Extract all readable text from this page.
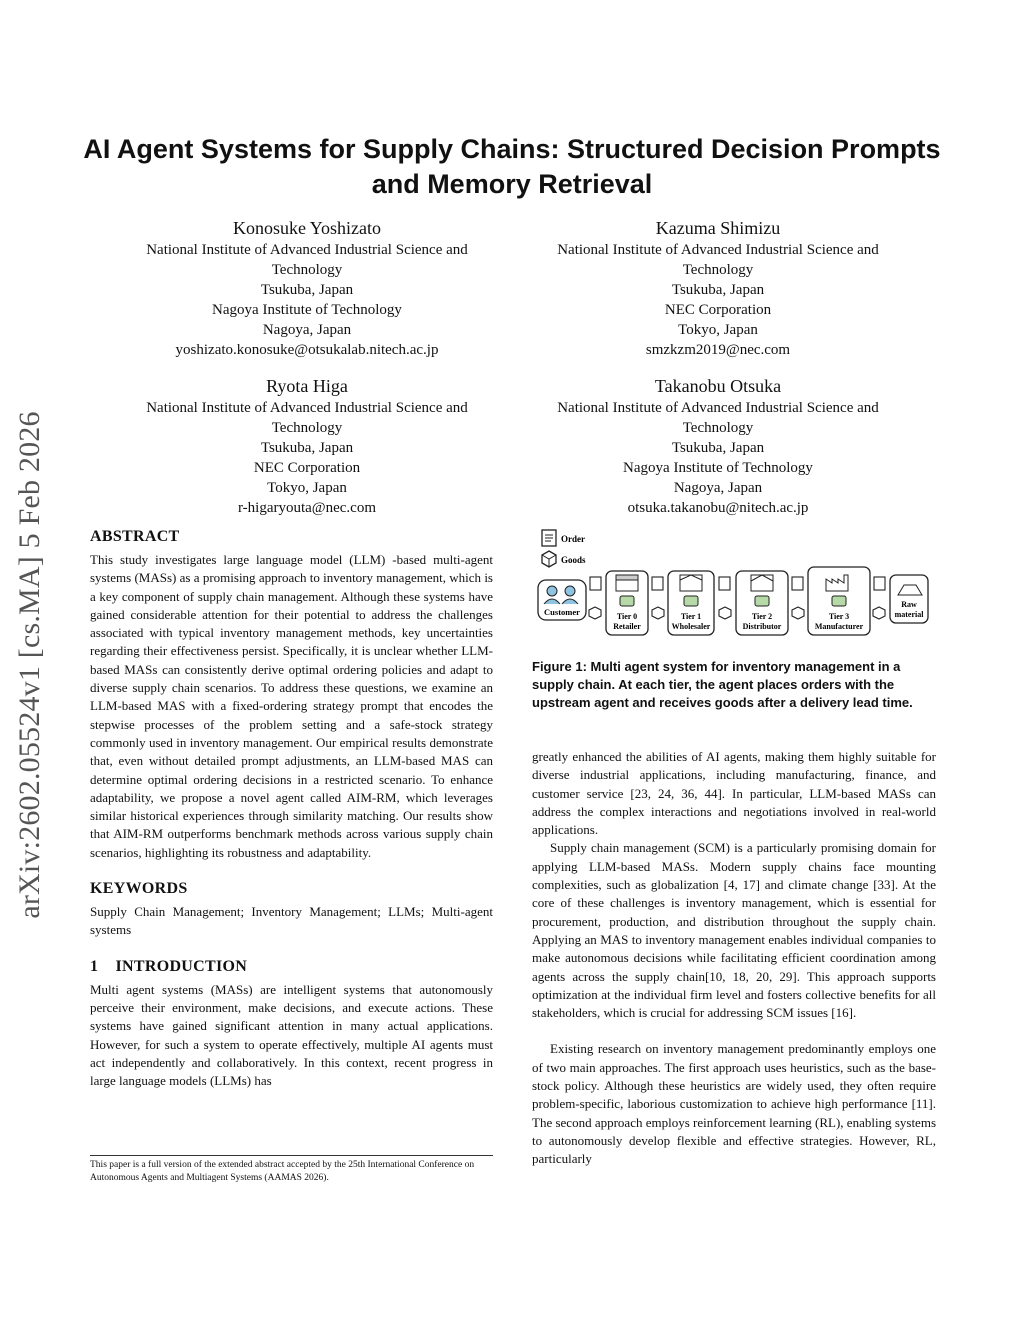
arXiv:2602.05524v1 [cs.MA] 5 Feb 2026
AI Agent Systems for Supply Chains: Structured Decision Prompts
and Memory Retrieval
Konosuke Yoshizato
National Institute of Advanced Industrial Science and
Technology
Tsukuba, Japan
Nagoya Institute of Technology
Nagoya, Japan
yoshizato.konosuke@otsukalab.nitech.ac.jp
Kazuma Shimizu
National Institute of Advanced Industrial Science and
Technology
Tsukuba, Japan
NEC Corporation
Tokyo, Japan
smzkzm2019@nec.com
Ryota Higa
National Institute of Advanced Industrial Science and
Technology
Tsukuba, Japan
NEC Corporation
Tokyo, Japan
r-higaryouta@nec.com
Takanobu Otsuka
National Institute of Advanced Industrial Science and
Technology
Tsukuba, Japan
Nagoya Institute of Technology
Nagoya, Japan
otsuka.takanobu@nitech.ac.jp
ABSTRACT

This study investigates large language model (LLM) -based multi-agent systems (MASs) as a promising approach to inventory management, which is a key component of supply chain management. Although these systems have gained considerable attention for their potential to address the challenges associated with typical inventory management methods, key uncertainties regarding their effectiveness persist. Specifically, it is unclear whether LLM-based MASs can consistently derive optimal ordering policies and adapt to diverse supply chain scenarios. To address these questions, we examine an LLM-based MAS with a fixed-ordering strategy prompt that encodes the stepwise processes of the problem setting and a safe-stock strategy commonly used in inventory management. Our empirical results demonstrate that, even without detailed prompt adjustments, an LLM-based MAS can determine optimal ordering decisions in a restricted scenario. To enhance adaptability, we propose a novel agent called AIM-RM, which leverages similar historical experiences through similarity matching. Our results show that AIM-RM outperforms benchmark methods across various supply chain scenarios, highlighting its robustness and adaptability.

KEYWORDS

Supply Chain Management; Inventory Management; LLMs; Multi-agent systems

1    INTRODUCTION

Multi agent systems (MASs) are intelligent systems that autonomously perceive their environment, make decisions, and execute actions. These systems have gained significant attention in many actual applications. However, for such a system to operate effectively, multiple AI agents must act independently and collaboratively. In this context, recent progress in large language models (LLMs) has

This paper is a full version of the extended abstract accepted by the 25th International Conference on Autonomous Agents and Multiagent Systems (AAMAS 2026).
Order
Goods
Customer	Tier 0
Retailer
Tier 1
Wholesaler
Tier 2
Distributor
Tier 3
Manufacturer
Raw
material
Figure 1: Multi agent system for inventory management in a supply chain. At each tier, the agent places orders with the upstream agent and receives goods after a delivery lead time.

greatly enhanced the abilities of AI agents, making them highly suitable for diverse industrial applications, including manufacturing, finance, and customer service [23, 24, 36, 44]. In particular, LLM-based MASs can address the complex interactions and negotiations involved in real-world applications.

Supply chain management (SCM) is a particularly promising domain for applying LLM-based MASs. Modern supply chains face mounting complexities, such as globalization [4, 17] and climate change [33]. At the core of these challenges is inventory management, which is essential for procurement, production, and distribution throughout the supply chain. Applying an MAS to inventory management enables individual companies to make autonomous decisions while facilitating efficient coordination among agents across the supply chain[10, 18, 20, 29]. This approach supports optimization at the individual firm level and fosters collective benefits for all stakeholders, which is crucial for addressing SCM issues [16].

Existing research on inventory management predominantly employs one of two main approaches. The first approach uses heuristics, such as the base-stock policy. Although these heuristics are widely used, they often require problem-specific, laborious customization to achieve high performance [11]. The second approach employs reinforcement learning (RL), enabling systems to autonomously develop flexible and effective strategies. However, RL, particularly
